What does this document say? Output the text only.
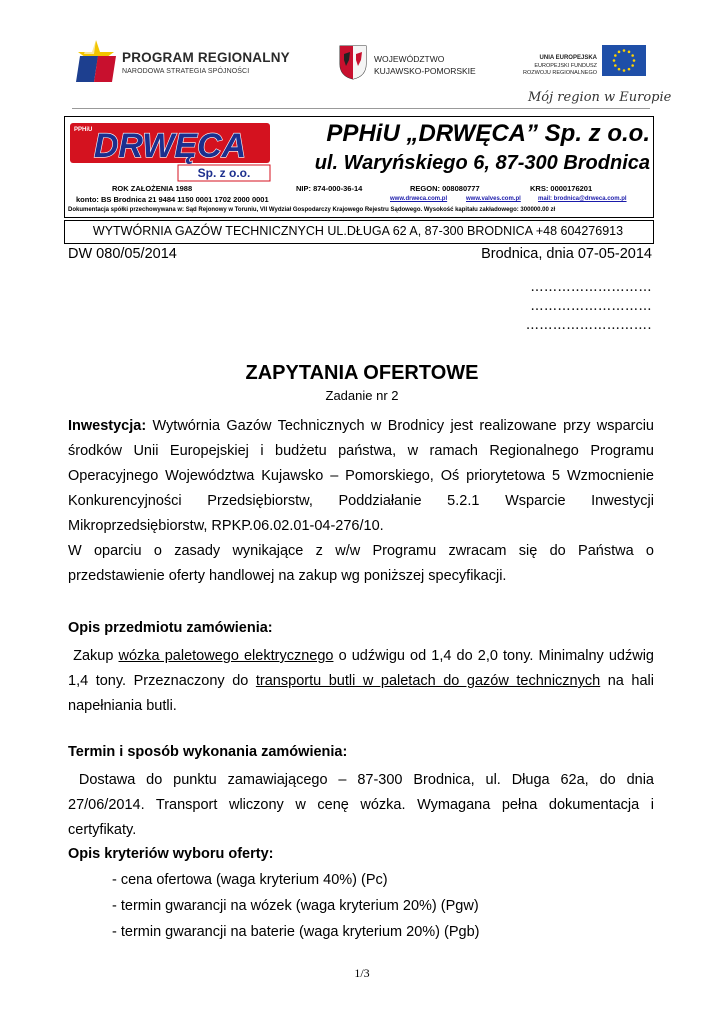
PROGRAM REGIONALNY
NARODOWA STRATEGIA SPÓJNOŚCI
WOJEWÓDZTWO
KUJAWSKO-POMORSKIE
UNIA EUROPEJSKA
EUROPEJSKI FUNDUSZ
ROZWOJU REGIONALNEGO
Mój region w Europie
PPHiU DRWĘCA
Sp. z o.o.
PPHiU „DRWĘCA” Sp. z o.o.
ul. Waryńskiego 6, 87-300 Brodnica
ROK ZAŁOŻENIA 1988	NIP: 874-000-36-14	REGON: 008080777	KRS: 0000176201
konto: BS Brodnica 21 9484 1150 0001 1702 2000 0001	www.drweca.com.pl	www.valves.com.pl	mail: brodnica@drweca.com.pl
Dokumentacja spółki przechowywana w: Sąd Rejonowy w Toruniu, VII Wydział Gospodarczy Krajowego Rejestru Sądowego. Wysokość kapitału zakładowego: 300000.00 zł
WYTWÓRNIA GAZÓW TECHNICZNYCH UL.DŁUGA 62 A, 87-300 BRODNICA +48 604276913
DW 080/05/2014	Brodnica, dnia 07-05-2014
………………………
………………………
……………………….
ZAPYTANIA OFERTOWE
Zadanie nr 2
Inwestycja: Wytwórnia Gazów Technicznych w Brodnicy jest realizowane przy wsparciu
środków Unii Europejskiej i budżetu państwa, w ramach Regionalnego Programu
Operacyjnego Województwa Kujawsko – Pomorskiego, Oś priorytetowa 5 Wzmocnienie
Konkurencyjności Przedsiębiorstw, Poddziałanie 5.2.1 Wsparcie Inwestycji
Mikroprzedsiębiorstw, RPKP.06.02.01-04-276/10.
W oparciu o zasady wynikające z w/w Programu zwracam się do Państwa o
przedstawienie oferty handlowej na zakup wg poniższej specyfikacji.
Opis przedmiotu zamówienia:
Zakup wózka paletowego elektrycznego o udźwigu od 1,4 do 2,0 tony. Minimalny udźwig
1,4 tony. Przeznaczony do transportu butli w paletach do gazów technicznych na hali
napełniania butli.
Termin i sposób wykonania zamówienia:
Dostawa do punktu zamawiającego – 87-300 Brodnica, ul. Długa 62a, do dnia
27/06/2014. Transport wliczony w cenę wózka. Wymagana pełna dokumentacja i
certyfikaty.
Opis kryteriów wyboru oferty:
- cena ofertowa (waga kryterium 40%) (Pc)
- termin gwarancji na wózek (waga kryterium 20%) (Pgw)
- termin gwarancji na baterie (waga kryterium 20%) (Pgb)
1/3
